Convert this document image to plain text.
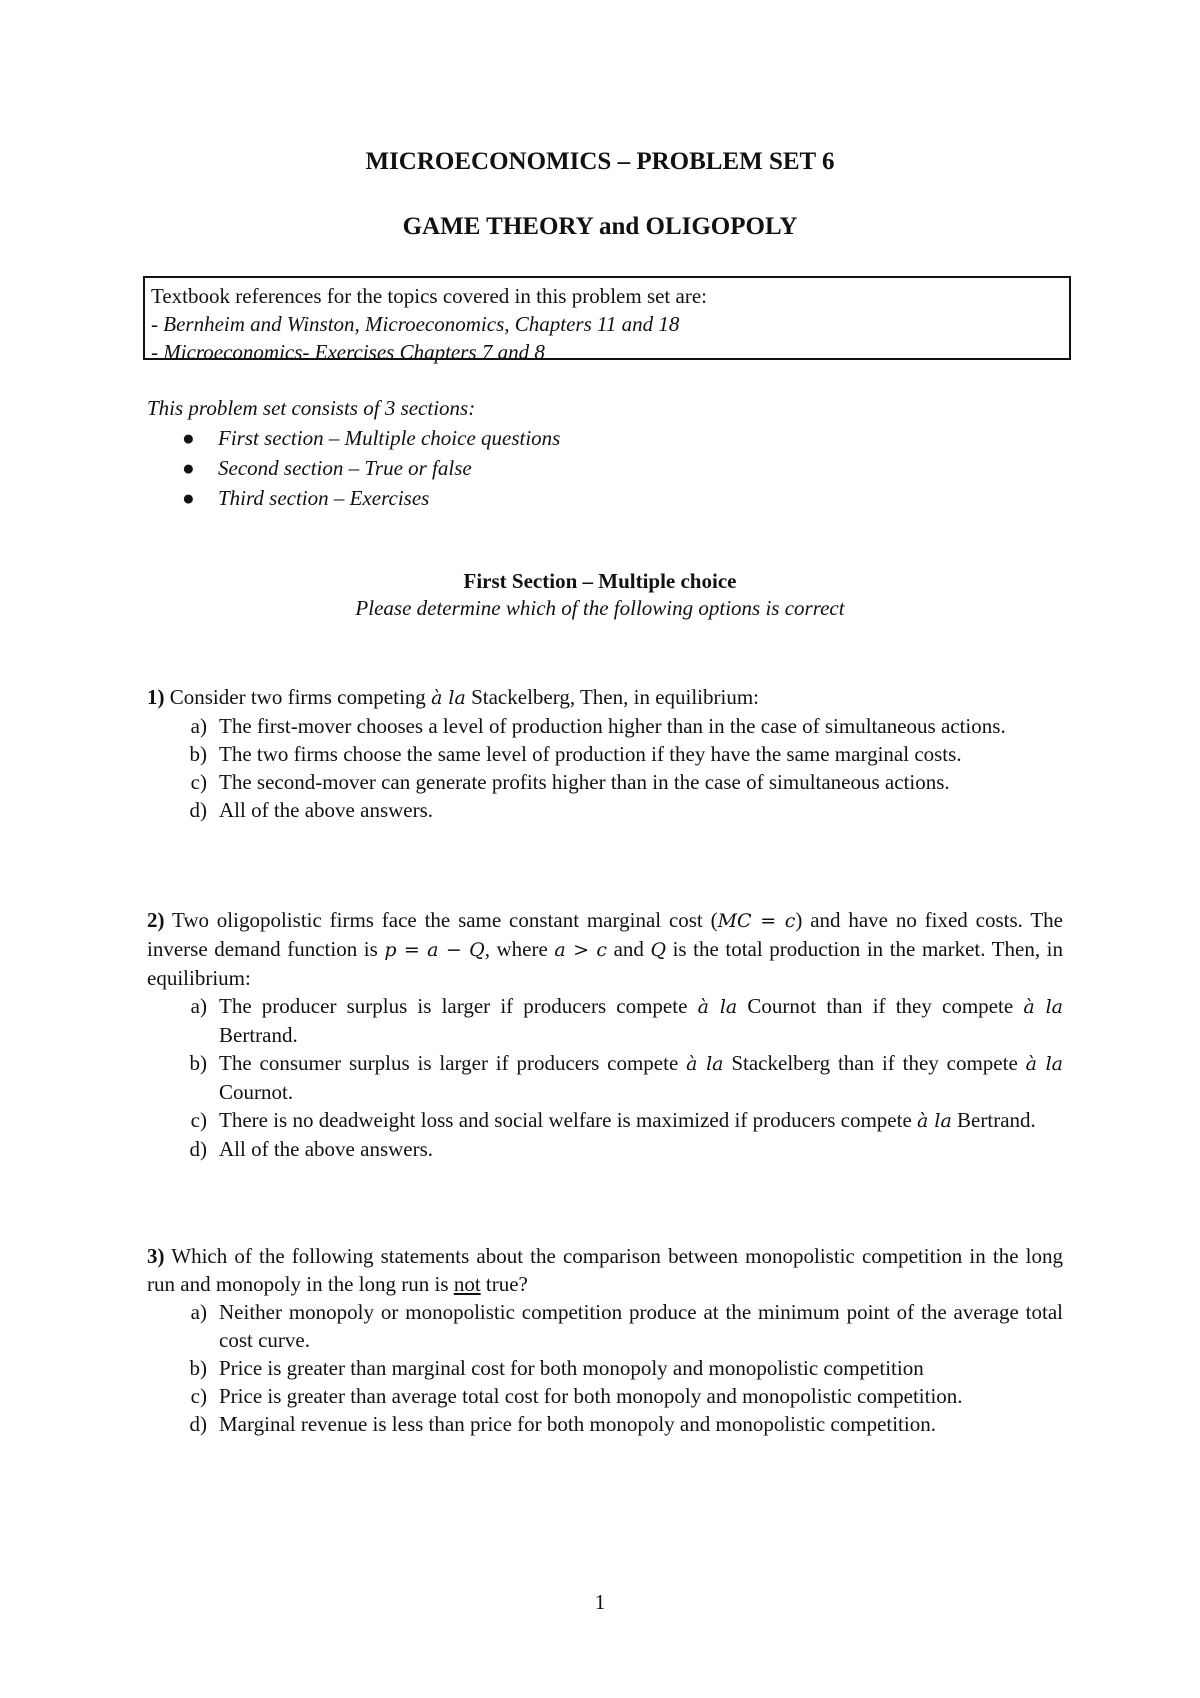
MICROECONOMICS – PROBLEM SET 6
GAME THEORY and OLIGOPOLY
Textbook references for the topics covered in this problem set are:
- Bernheim and Winston, Microeconomics, Chapters 11 and 18
- Microeconomics- Exercises Chapters 7 and 8
This problem set consists of 3 sections:
● First section – Multiple choice questions
● Second section – True or false
● Third section – Exercises
First Section – Multiple choice
Please determine which of the following options is correct
1) Consider two firms competing à la Stackelberg, Then, in equilibrium:
a) The first-mover chooses a level of production higher than in the case of simultaneous actions.
b) The two firms choose the same level of production if they have the same marginal costs.
c) The second-mover can generate profits higher than in the case of simultaneous actions.
d) All of the above answers.
2) Two oligopolistic firms face the same constant marginal cost (MC = c) and have no fixed costs. The inverse demand function is p = a − Q, where a > c and Q is the total production in the market. Then, in equilibrium:
a) The producer surplus is larger if producers compete à la Cournot than if they compete à la Bertrand.
b) The consumer surplus is larger if producers compete à la Stackelberg than if they compete à la Cournot.
c) There is no deadweight loss and social welfare is maximized if producers compete à la Bertrand.
d) All of the above answers.
3) Which of the following statements about the comparison between monopolistic competition in the long run and monopoly in the long run is not true?
a) Neither monopoly or monopolistic competition produce at the minimum point of the average total cost curve.
b) Price is greater than marginal cost for both monopoly and monopolistic competition
c) Price is greater than average total cost for both monopoly and monopolistic competition.
d) Marginal revenue is less than price for both monopoly and monopolistic competition.
1
